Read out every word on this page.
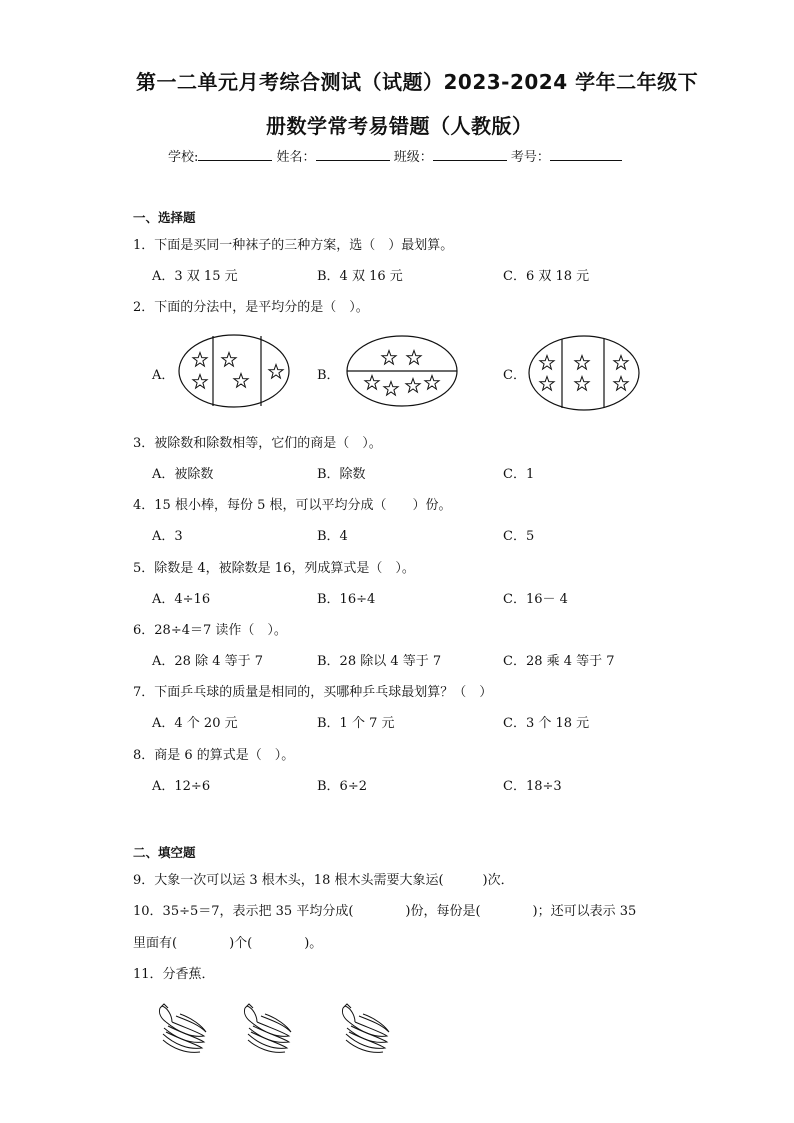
第一二单元月考综合测试（试题）2023-2024 学年二年级下
册数学常考易错题（人教版）
学校:	姓名：	班级：	考号：
一、选择题
1．下面是买同一种袜子的三种方案，选（　）最划算。
A．3 双 15 元	B．4 双 16 元	C．6 双 18 元
2．下面的分法中，是平均分的是（　）。
A．	B．	C．
3．被除数和除数相等，它们的商是（　）。
A．被除数	B．除数	C．1
4．15 根小棒，每份 5 根，可以平均分成（　　）份。
A．3	B．4	C．5
5．除数是 4，被除数是 16，列成算式是（　）。
A．4÷16	B．16÷4	C．16－ 4
6．28÷4＝7 读作（　）。
A．28 除 4 等于 7	B．28 除以 4 等于 7	C．28 乘 4 等于 7
7．下面乒乓球的质量是相同的，买哪种乒乓球最划算？（　）
A．4 个 20 元	B．1 个 7 元	C．3 个 18 元
8．商是 6 的算式是（　）。
A．12÷6	B．6÷2	C．18÷3
二、填空题
9．大象一次可以运 3 根木头，18 根木头需要大象运(　　　)次．
10．35÷5＝7，表示把 35 平均分成(　　　　)份，每份是(　　　　)；还可以表示 35
里面有(　　　　)个(　　　　)。
11．分香蕉．
